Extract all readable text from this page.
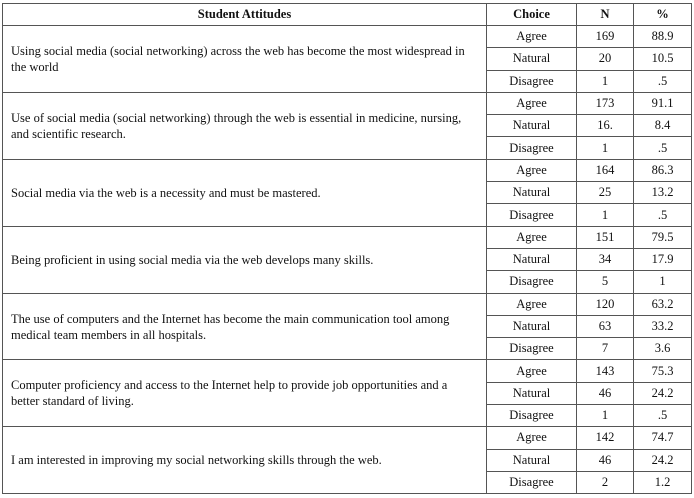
Student Attitudes	Choice	N	%
Using social media (social networking) across the web has become the most widespread in the world	Agree	169	88.9
	Natural	20	10.5
	Disagree	1	.5
Use of social media (social networking) through the web is essential in medicine, nursing, and scientific research.	Agree	173	91.1
	Natural	16.	8.4
	Disagree	1	.5
Social media via the web is a necessity and must be mastered.	Agree	164	86.3
	Natural	25	13.2
	Disagree	1	.5
Being proficient in using social media via the web develops many skills.	Agree	151	79.5
	Natural	34	17.9
	Disagree	5	1
The use of computers and the Internet has become the main communication tool among medical team members in all hospitals.	Agree	120	63.2
	Natural	63	33.2
	Disagree	7	3.6
Computer proficiency and access to the Internet help to provide job opportunities and a better standard of living.	Agree	143	75.3
	Natural	46	24.2
	Disagree	1	.5
I am interested in improving my social networking skills through the web.	Agree	142	74.7
	Natural	46	24.2
	Disagree	2	1.2
